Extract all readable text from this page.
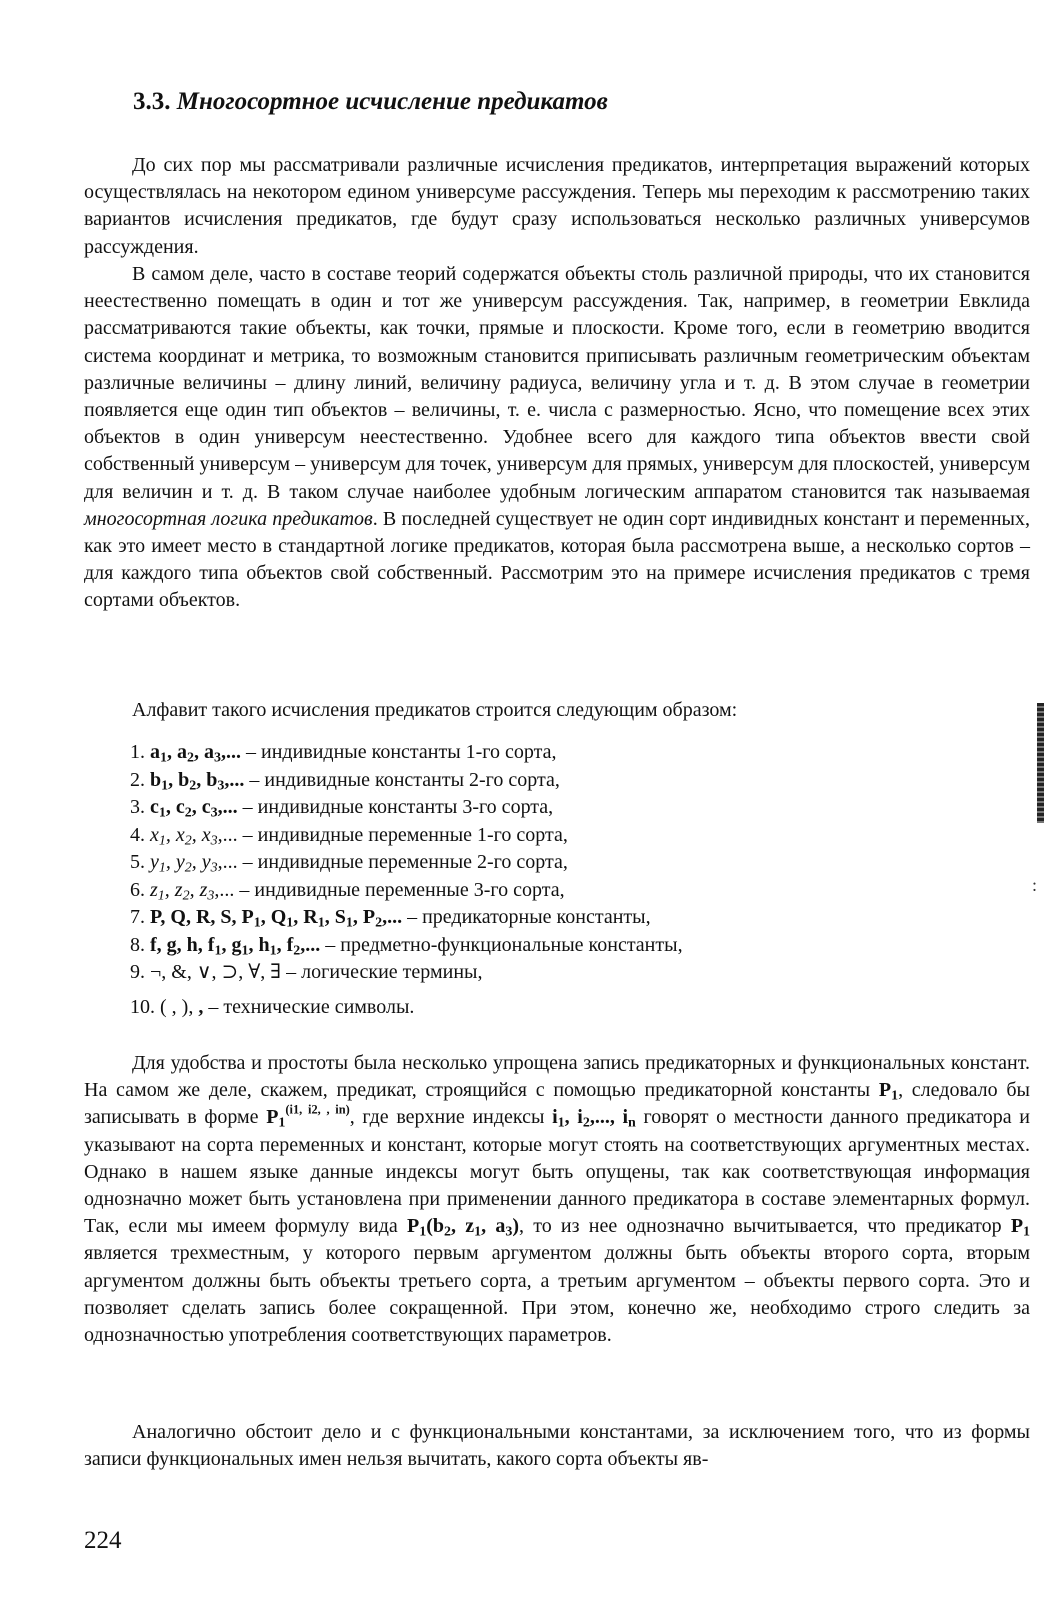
3.3. Многосортное исчисление предикатов

До сих пор мы рассматривали различные исчисления предикатов, интерпретация выражений которых осуществлялась на некотором едином универсуме рассуждения. Теперь мы переходим к рассмотрению таких вариантов исчисления предикатов, где будут сразу использоваться несколько различных универсумов рассуждения.

В самом деле, часто в составе теорий содержатся объекты столь различной природы, что их становится неестественно помещать в один и тот же универсум рассуждения. Так, например, в геометрии Евклида рассматриваются такие объекты, как точки, прямые и плоскости. Кроме того, если в геометрию вводится система координат и метрика, то возможным становится приписывать различным геометрическим объектам различные величины – длину линий, величину радиуса, величину угла и т. д. В этом случае в геометрии появляется еще один тип объектов – величины, т. е. числа с размерностью. Ясно, что помещение всех этих объектов в один универсум неестественно. Удобнее всего для каждого типа объектов ввести свой собственный универсум – универсум для точек, универсум для прямых, универсум для плоскостей, универсум для величин и т. д. В таком случае наиболее удобным логическим аппаратом становится так называемая многосортная логика предикатов. В последней существует не один сорт индивидных констант и переменных, как это имеет место в стандартной логике предикатов, которая была рассмотрена выше, а несколько сортов – для каждого типа объектов свой собственный. Рассмотрим это на примере исчисления предикатов с тремя сортами объектов.

Алфавит такого исчисления предикатов строится следующим образом:

1. $a_1$, $a_2$, $a_3$,... – индивидные константы 1-го сорта,
2. $b_1$, $b_2$, $b_3$,... – индивидные константы 2-го сорта,
3. $c_1$, $c_2$, $c_3$,... – индивидные константы 3-го сорта,
4. $x_1$, $x_2$, $x_3$,... – индивидные переменные 1-го сорта,
5. $y_1$, $y_2$, $y_3$,... – индивидные переменные 2-го сорта,
6. $z_1$, $z_2$, $z_3$,... – индивидные переменные 3-го сорта,
7. P, Q, R, S, $P_1$, $Q_1$, $R_1$, $S_1$, $P_2$,... – предикаторные константы,
8. f, g, h, $f_1$, $g_1$, $h_1$, $f_2$,... – предметно-функциональные константы,
9. ¬, &, ∨, ⊃, ∀, ∃ – логические термины,
10. ( , ), , – технические символы.

Для удобства и простоты была несколько упрощена запись предикаторных и функциональных констант. На самом же деле, скажем, предикат, строящийся с помощью предикаторной константы $P_1$, следовало бы записывать в форме $P_1^{(i1, i2, , in)}$, где верхние индексы $i_1$, $i_2$,..., $i_n$ говорят о местности данного предикатора и указывают на сорта переменных и констант, которые могут стоять на соответствующих аргументных местах. Однако в нашем языке данные индексы могут быть опущены, так как соответствующая информация однозначно может быть установлена при применении данного предикатора в составе элементарных формул. Так, если мы имеем формулу вида $P_1(b_2$, $z_1$, $a_3$), то из нее однозначно вычитывается, что предикатор $P_1$ является трехместным, у которого первым аргументом должны быть объекты второго сорта, вторым аргументом должны быть объекты третьего сорта, а третьим аргументом – объекты первого сорта. Это и позволяет сделать запись более сокращенной. При этом, конечно же, необходимо строго следить за однозначностью употребления соответствующих параметров.

Аналогично обстоит дело и с функциональными константами, за исключением того, что из формы записи функциональных имен нельзя вычитать, какого сорта объекты яв-

224
:
